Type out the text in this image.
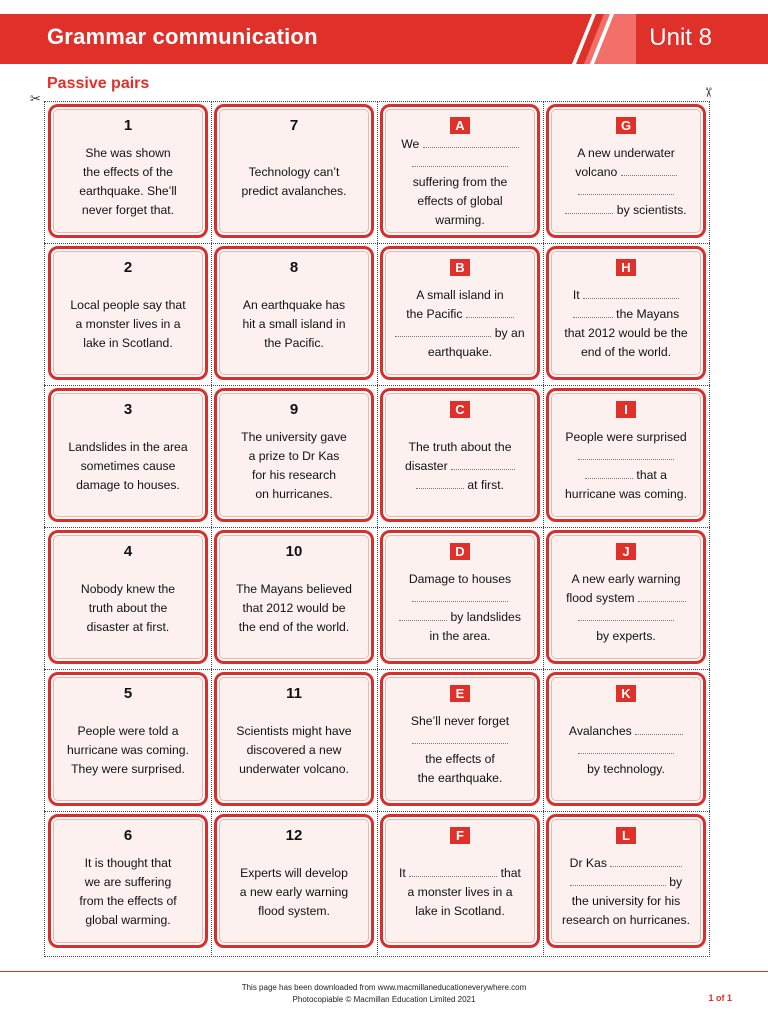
Grammar communication	Unit 8
Passive pairs
✂	✂
1
She was shown
the effects of the
earthquake. She’ll
never forget that.
7
Technology can’t
predict avalanches.
A
We
suffering from the
effects of global
warming.
G
A new underwater
volcano
by scientists.
2
Local people say that
a monster lives in a
lake in Scotland.
8
An earthquake has
hit a small island in
the Pacific.
B
A small island in
the Pacific
by an
earthquake.
H
It
the Mayans
that 2012 would be the
end of the world.
3
Landslides in the area
sometimes cause
damage to houses.
9
The university gave
a prize to Dr Kas
for his research
on hurricanes.
C
The truth about the
disaster
at first.
I
People were surprised
that a
hurricane was coming.
4
Nobody knew the
truth about the
disaster at first.
10
The Mayans believed
that 2012 would be
the end of the world.
D
Damage to houses
by landslides
in the area.
J
A new early warning
flood system
by experts.
5
People were told a
hurricane was coming.
They were surprised.
11
Scientists might have
discovered a new
underwater volcano.
E
She’ll never forget
the effects of
the earthquake.
K
Avalanches
by technology.
6
It is thought that
we are suffering
from the effects of
global warming.
12
Experts will develop
a new early warning
flood system.
F
It	that
a monster lives in a
lake in Scotland.
L
Dr Kas
by
the university for his
research on hurricanes.
This page has been downloaded from www.macmillaneducationeverywhere.com
Photocopiable © Macmillan Education Limited 2021	1 of 1
